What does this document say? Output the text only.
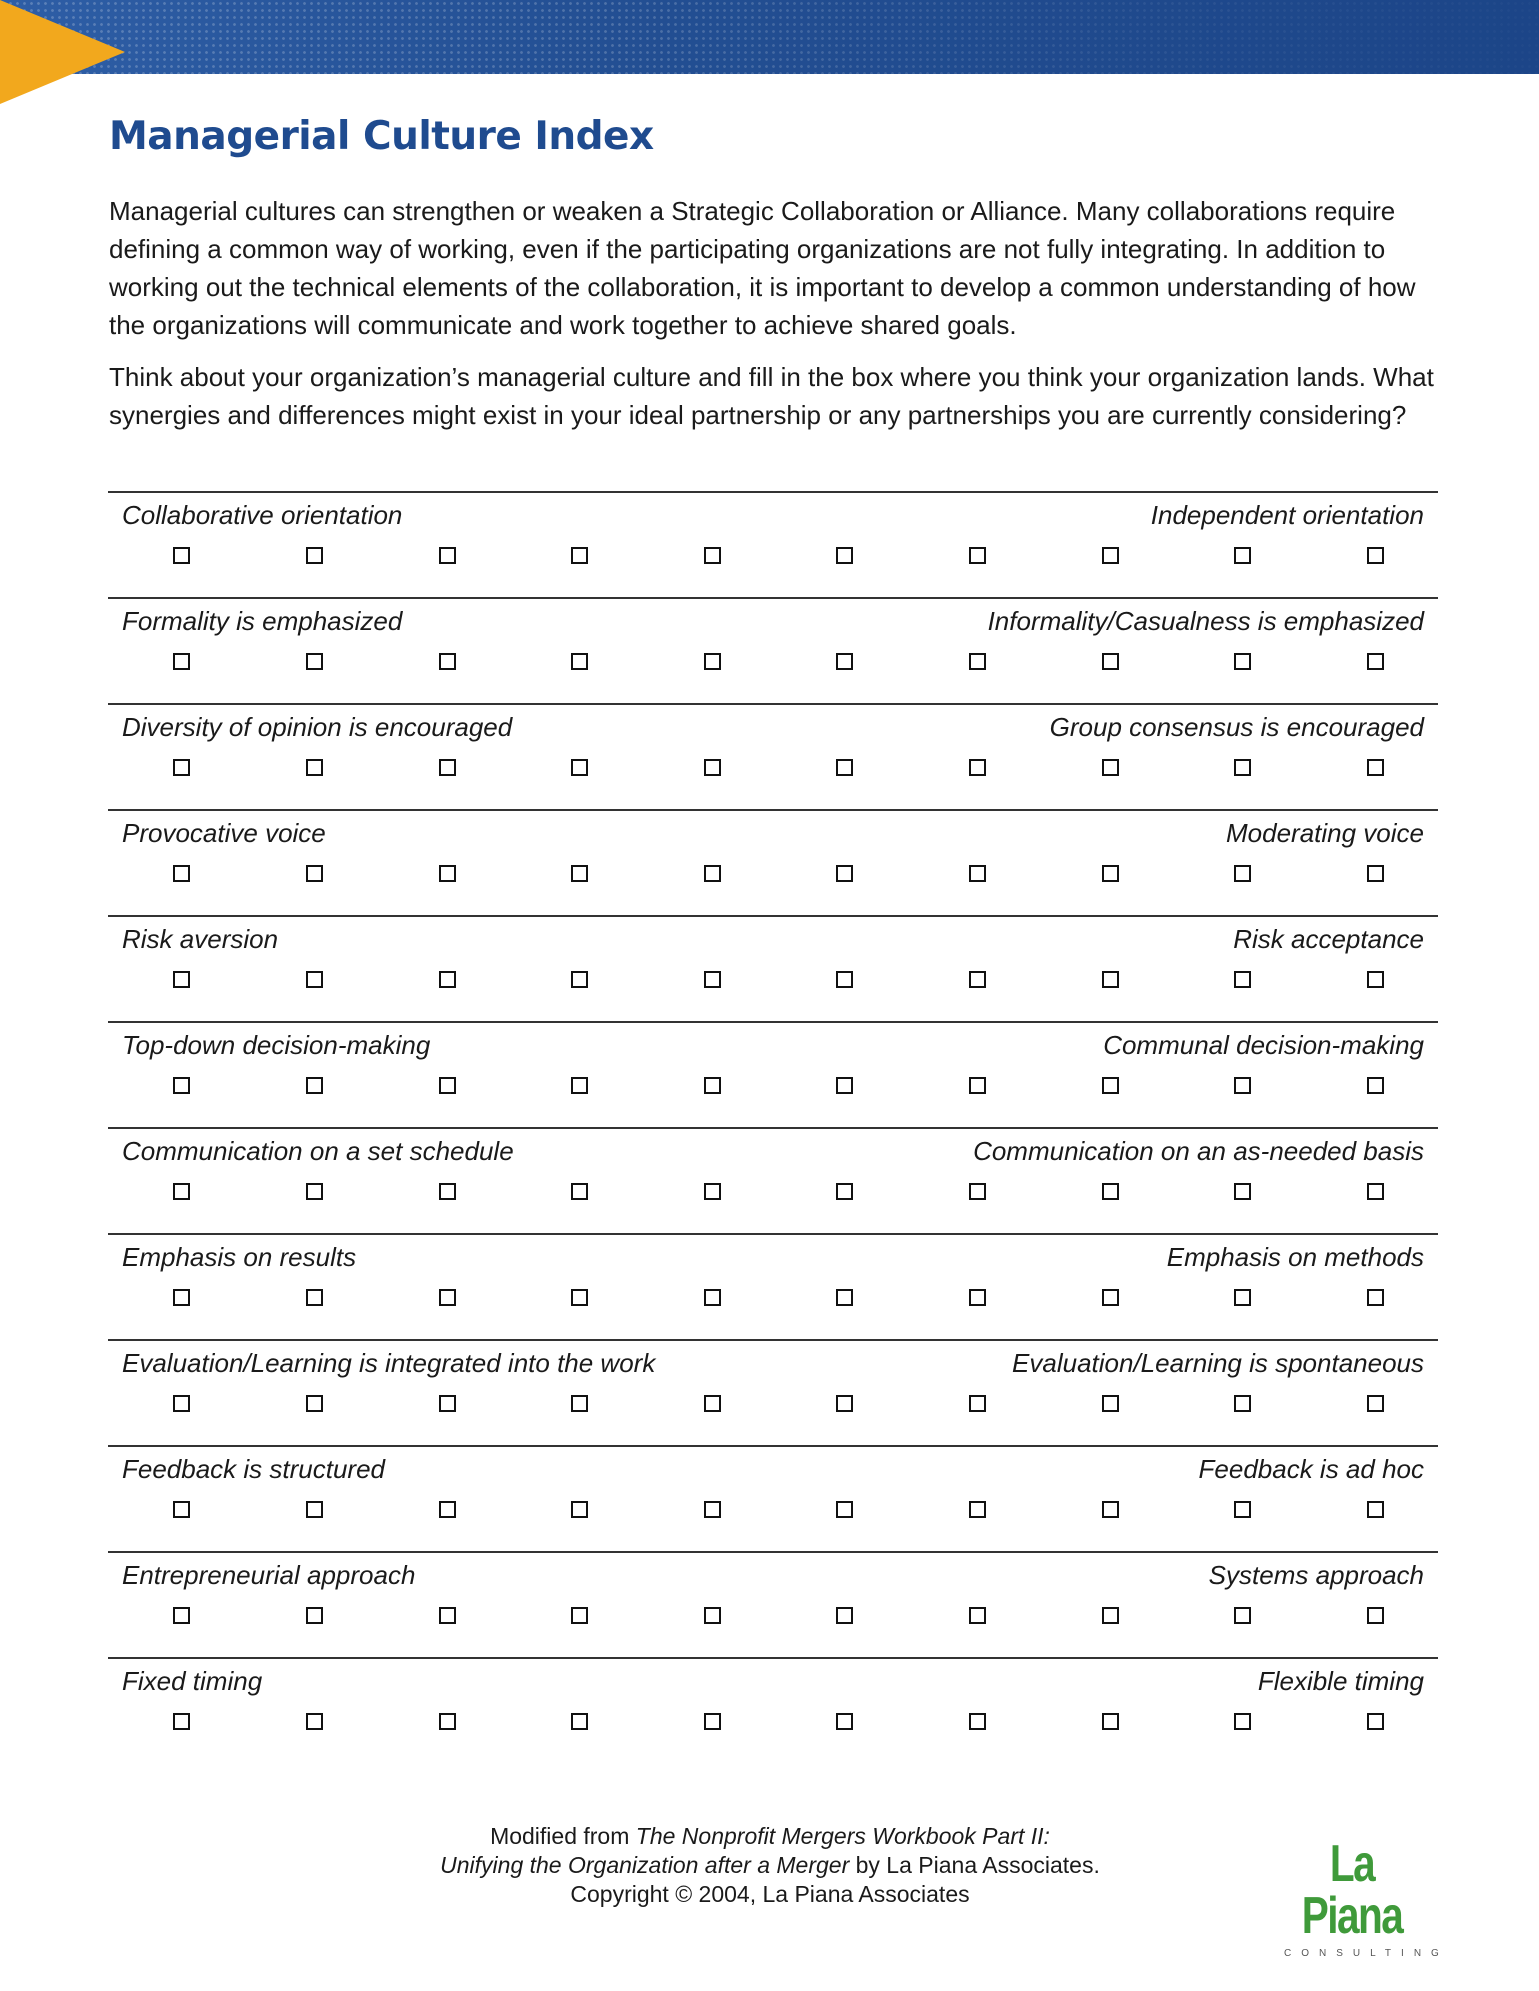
Managerial Culture Index

Managerial cultures can strengthen or weaken a Strategic Collaboration or Alliance. Many collaborations require defining a common way of working, even if the participating organizations are not fully integrating. In addition to working out the technical elements of the collaboration, it is important to develop a common understanding of how the organizations will communicate and work together to achieve shared goals.

Think about your organization’s managerial culture and fill in the box where you think your organization lands. What synergies and differences might exist in your ideal partnership or any partnerships you are currently considering?

Collaborative orientation	Independent orientation
Formality is emphasized	Informality/Casualness is emphasized
Diversity of opinion is encouraged	Group consensus is encouraged
Provocative voice	Moderating voice
Risk aversion	Risk acceptance
Top-down decision-making	Communal decision-making
Communication on a set schedule	Communication on an as-needed basis
Emphasis on results	Emphasis on methods
Evaluation/Learning is integrated into the work	Evaluation/Learning is spontaneous
Feedback is structured	Feedback is ad hoc
Entrepreneurial approach	Systems approach
Fixed timing	Flexible timing
Modified from The Nonprofit Mergers Workbook Part II:
Unifying the Organization after a Merger by La Piana Associates.
Copyright © 2004, La Piana Associates
La Piana
CONSULTING
